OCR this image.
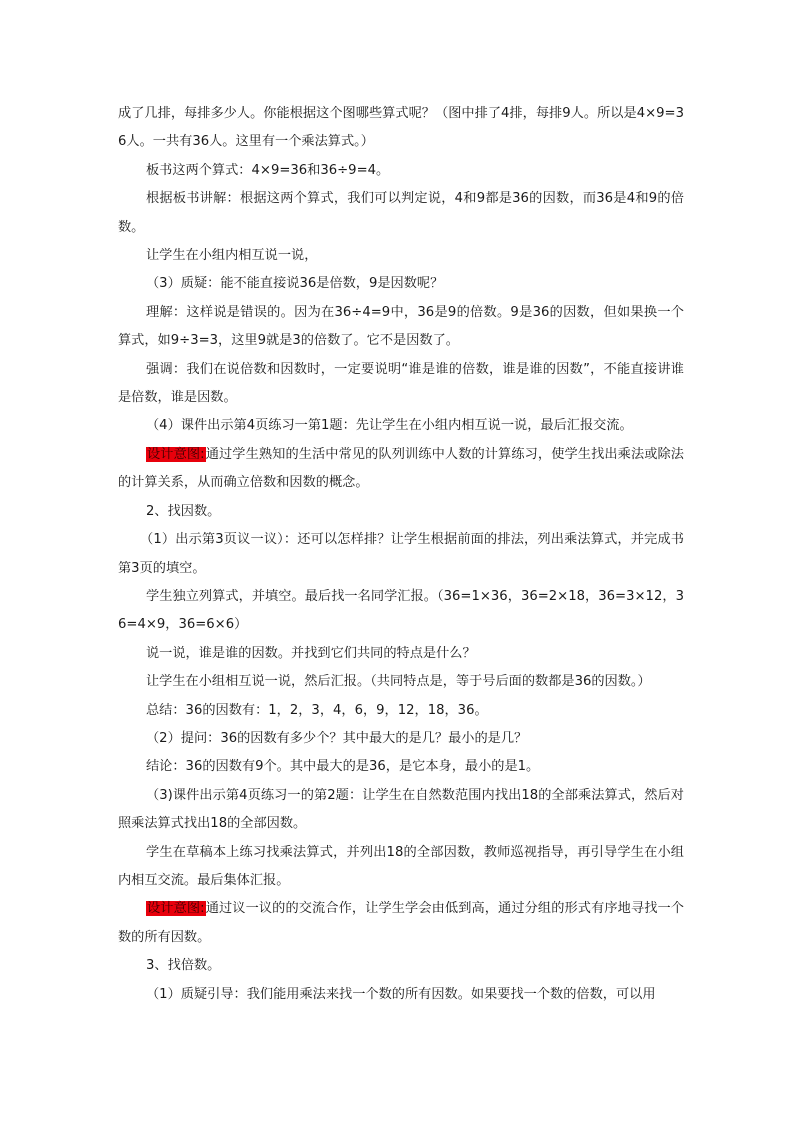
成了几排，每排多少人。你能根据这个图哪些算式呢？（图中排了4排，每排9人。所以是4×9=36人。一共有36人。这里有一个乘法算式。）

板书这两个算式：4×9=36和36÷9=4。

根据板书讲解：根据这两个算式，我们可以判定说，4和9都是36的因数，而36是4和9的倍数。

让学生在小组内相互说一说，

（3）质疑：能不能直接说36是倍数，9是因数呢？

理解：这样说是错误的。因为在36÷4=9中，36是9的倍数。9是36的因数，但如果换一个算式，如9÷3=3，这里9就是3的倍数了。它不是因数了。

强调：我们在说倍数和因数时，一定要说明“谁是谁的倍数，谁是谁的因数”，不能直接讲谁是倍数，谁是因数。

（4）课件出示第4页练习一第1题：先让学生在小组内相互说一说，最后汇报交流。

设计意图:通过学生熟知的生活中常见的队列训练中人数的计算练习，使学生找出乘法或除法的计算关系，从而确立倍数和因数的概念。

2、找因数。

（1）出示第3页议一议）：还可以怎样排？让学生根据前面的排法，列出乘法算式，并完成书第3页的填空。

学生独立列算式，并填空。最后找一名同学汇报。（36=1×36，36=2×18，36=3×12，36=4×9，36=6×6）

说一说，谁是谁的因数。并找到它们共同的特点是什么？

让学生在小组相互说一说，然后汇报。（共同特点是，等于号后面的数都是36的因数。）

总结：36的因数有：1，2，3，4，6，9，12，18，36。

（2）提问：36的因数有多少个？其中最大的是几？最小的是几？

结论：36的因数有9个。其中最大的是36，是它本身，最小的是1。

（3)课件出示第4页练习一的第2题：让学生在自然数范围内找出18的全部乘法算式，然后对照乘法算式找出18的全部因数。

学生在草稿本上练习找乘法算式，并列出18的全部因数，教师巡视指导，再引导学生在小组内相互交流。最后集体汇报。

设计意图:通过议一议的的交流合作，让学生学会由低到高，通过分组的形式有序地寻找一个数的所有因数。

3、找倍数。

（1）质疑引导：我们能用乘法来找一个数的所有因数。如果要找一个数的倍数，可以用
